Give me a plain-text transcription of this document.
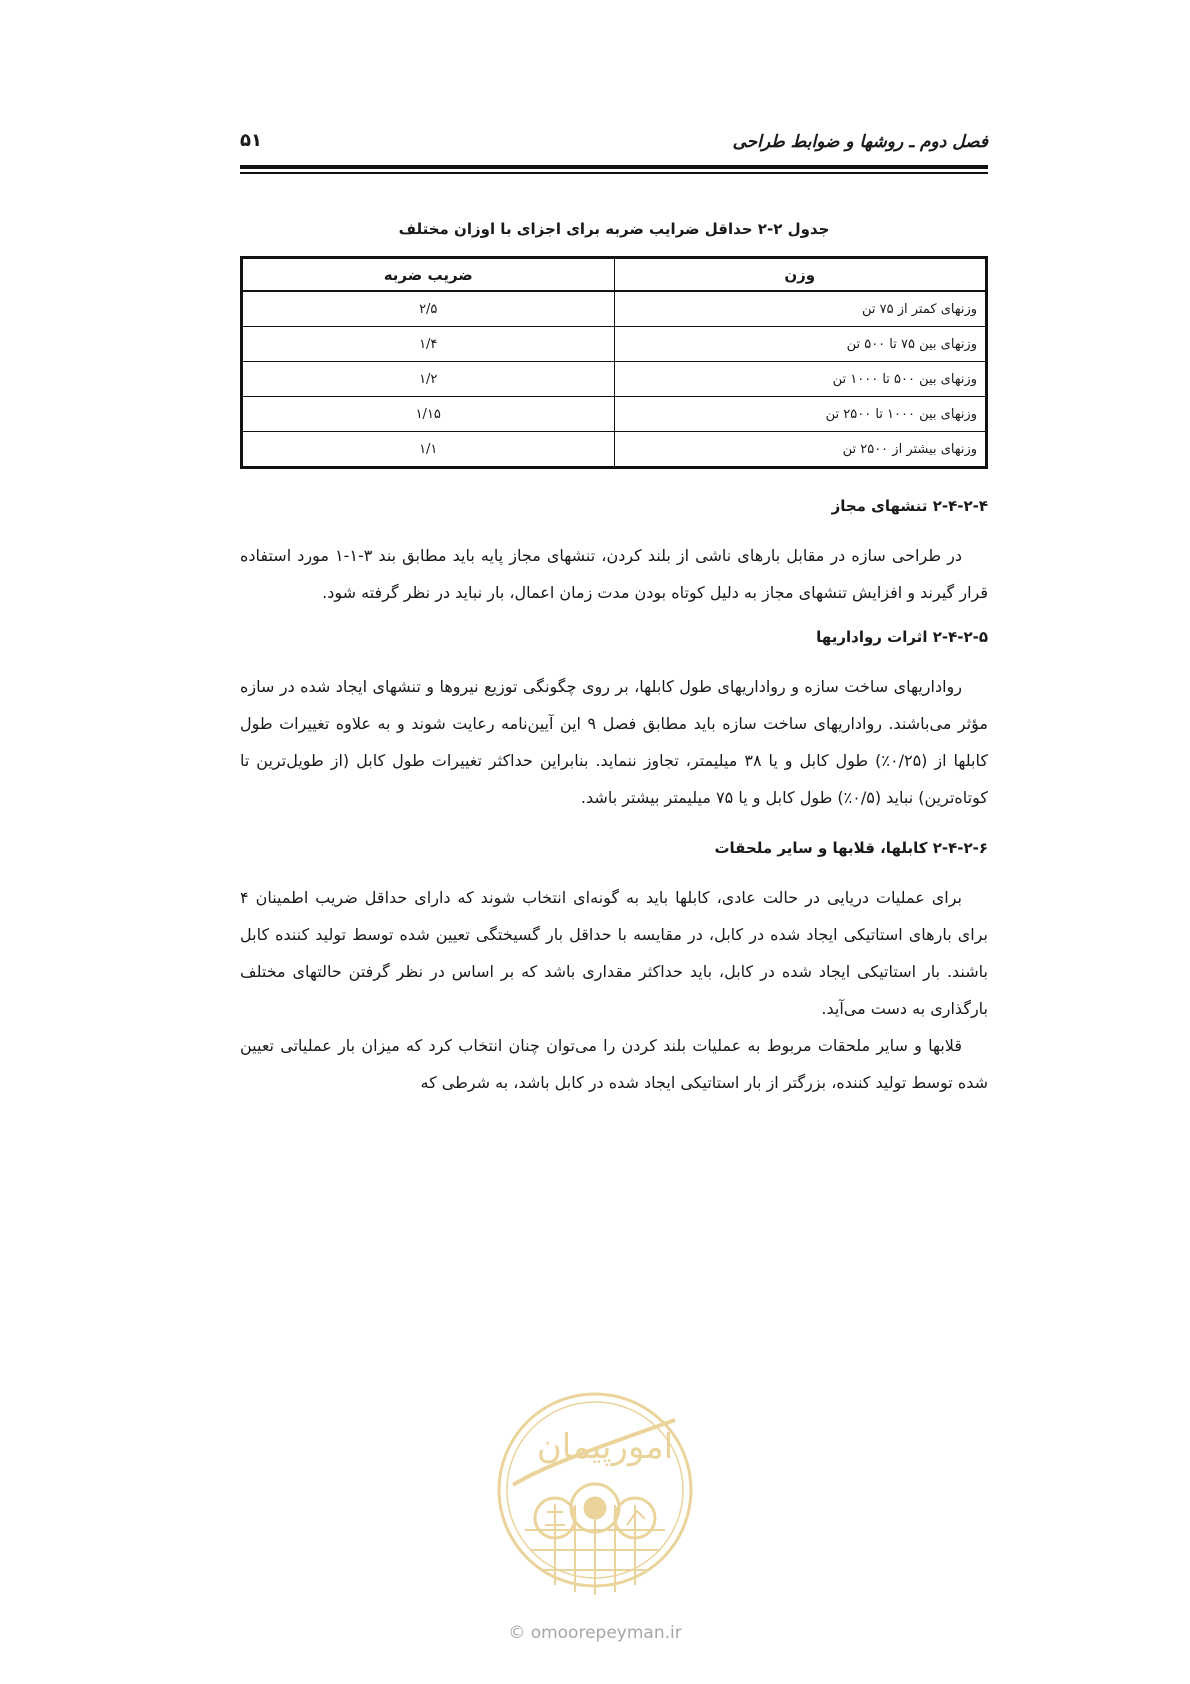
فصل دوم ـ روشها و ضوابط طراحی
۵۱
جدول ۲-۲ حداقل ضرایب ضربه برای اجزای با اوزان مختلف
وزن	ضریب ضربه
وزنهای کمتر از ۷۵ تن	۲/۵
وزنهای بین ۷۵ تا ۵۰۰ تن	۱/۴
وزنهای بین ۵۰۰ تا ۱۰۰۰ تن	۱/۲
وزنهای بین ۱۰۰۰ تا ۲۵۰۰ تن	۱/۱۵
وزنهای بیشتر از ۲۵۰۰ تن	۱/۱
۲-۴-۲-۴ تنشهای مجاز

در طراحی سازه در مقابل بارهای ناشی از بلند کردن، تنشهای مجاز پایه باید مطابق بند ۳-۱-۱ مورد استفاده قرار گیرند و افزایش تنشهای مجاز به دلیل کوتاه بودن مدت زمان اعمال، بار نباید در نظر گرفته شود.

۲-۴-۲-۵ اثرات رواداریها

رواداریهای ساخت سازه و رواداریهای طول کابلها، بر روی چگونگی توزیع نیروها و تنشهای ایجاد شده در سازه مؤثر می‌باشند. رواداریهای ساخت سازه باید مطابق فصل ۹ این آیین‌نامه رعایت شوند و به علاوه تغییرات طول کابلها از (۰/۲۵٪) طول کابل و یا ۳۸ میلیمتر، تجاوز ننماید. بنابراین حداکثر تغییرات طول کابل (از طویل‌ترین تا کوتاه‌ترین) نباید (۰/۵٪) طول کابل و یا ۷۵ میلیمتر بیشتر باشد.

۲-۴-۲-۶ کابلها، قلابها و سایر ملحقات

برای عملیات دریایی در حالت عادی، کابلها باید به گونه‌ای انتخاب شوند که دارای حداقل ضریب اطمینان ۴ برای بارهای استاتیکی ایجاد شده در کابل، در مقایسه با حداقل بار گسیختگی تعیین شده توسط تولید کننده کابل باشند. بار استاتیکی ایجاد شده در کابل، باید حداکثر مقداری باشد که بر اساس در نظر گرفتن حالتهای مختلف بارگذاری به دست می‌آید.

قلابها و سایر ملحقات مربوط به عملیات بلند کردن را می‌توان چنان انتخاب کرد که میزان بار عملیاتی تعیین شده توسط تولید کننده، بزرگتر از بار استاتیکی ایجاد شده در کابل باشد، به شرطی که

امورپیمان
© omoorepeyman.ir
